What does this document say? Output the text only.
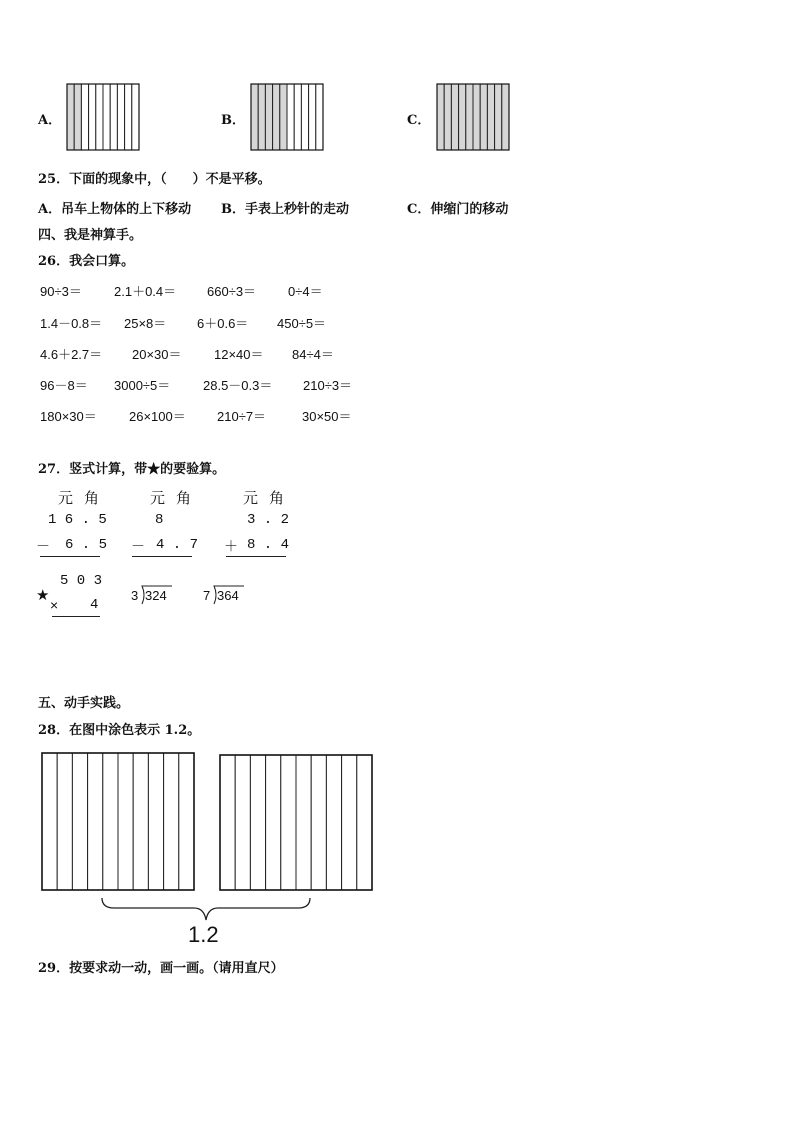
A．	B．	C．
25．下面的现象中，（　　）不是平移。
A．吊车上物体的上下移动 B．手表上秒针的走动	C．伸缩门的移动
四、我是神算手。
26．我会口算。
90÷3＝ 2.1＋0.4＝ 660÷3＝ 0÷4＝
1.4－0.8＝ 25×8＝ 6＋0.6＝ 450÷5＝
4.6＋2.7＝ 20×30＝ 12×40＝ 84÷4＝
96－8＝ 3000÷5＝	28.5－0.3＝ 210÷3＝
180×30＝ 26×100＝ 210÷7＝	30×50＝
27．竖式计算，带★的要验算。
元 角
1 6 . 5
－ 6 . 5
元 角
8
－ 4 . 7
元 角
3 . 2
＋ 8 . 4
5 0 3
★
× 4
3 324	7 364
五、动手实践。
28．在图中涂色表示 1.2。
1.2
29．按要求动一动，画一画。（请用直尺）
